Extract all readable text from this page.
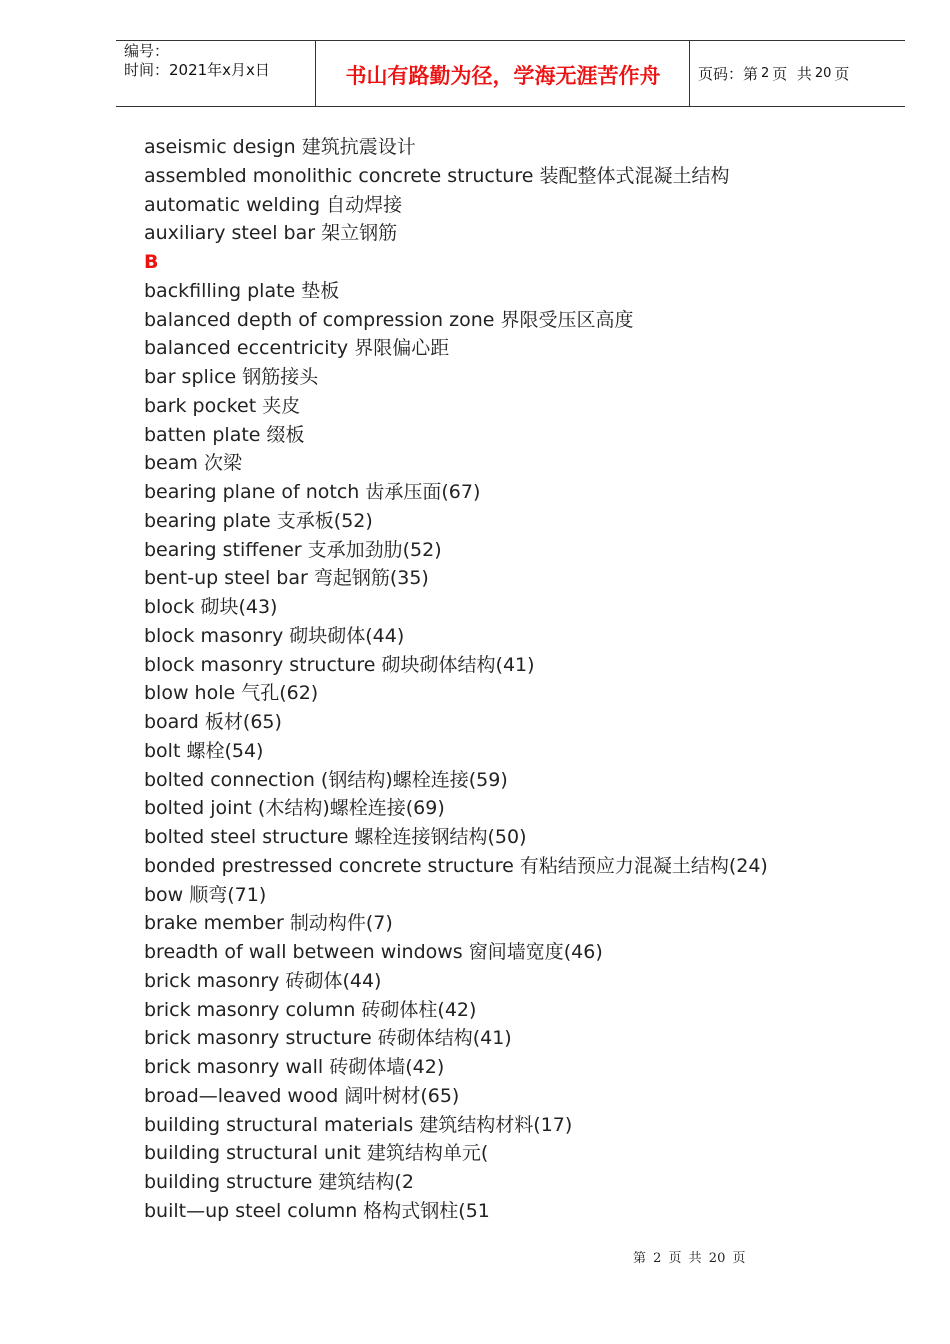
编号：
时间：2021年x月x日	书山有路勤为径，学海无涯苦作舟	页码：第 2 页  共 20 页
aseismic design 建筑抗震设计
assembled monolithic concrete structure 装配整体式混凝土结构
automatic welding 自动焊接
auxiliary steel bar 架立钢筋
B
backfilling plate 垫板
balanced depth of compression zone 界限受压区高度
balanced eccentricity 界限偏心距
bar splice 钢筋接头
bark pocket 夹皮
batten plate 缀板
beam 次梁
bearing plane of notch 齿承压面(67)
bearing plate 支承板(52)
bearing stiffener 支承加劲肋(52)
bent-up steel bar 弯起钢筋(35)
block 砌块(43)
block masonry 砌块砌体(44)
block masonry structure 砌块砌体结构(41)
blow hole 气孔(62)
board 板材(65)
bolt 螺栓(54)
bolted connection (钢结构)螺栓连接(59)
bolted joint (木结构)螺栓连接(69)
bolted steel structure 螺栓连接钢结构(50)
bonded prestressed concrete structure 有粘结预应力混凝土结构(24)
bow 顺弯(71)
brake member 制动构件(7)
breadth of wall between windows 窗间墙宽度(46)
brick masonry 砖砌体(44)
brick masonry column 砖砌体柱(42)
brick masonry structure 砖砌体结构(41)
brick masonry wall 砖砌体墙(42)
broad—leaved wood 阔叶树材(65)
building structural materials 建筑结构材料(17)
building structural unit 建筑结构单元(
building structure 建筑结构(2
built—up steel column 格构式钢柱(51
第 2 页 共 20 页
